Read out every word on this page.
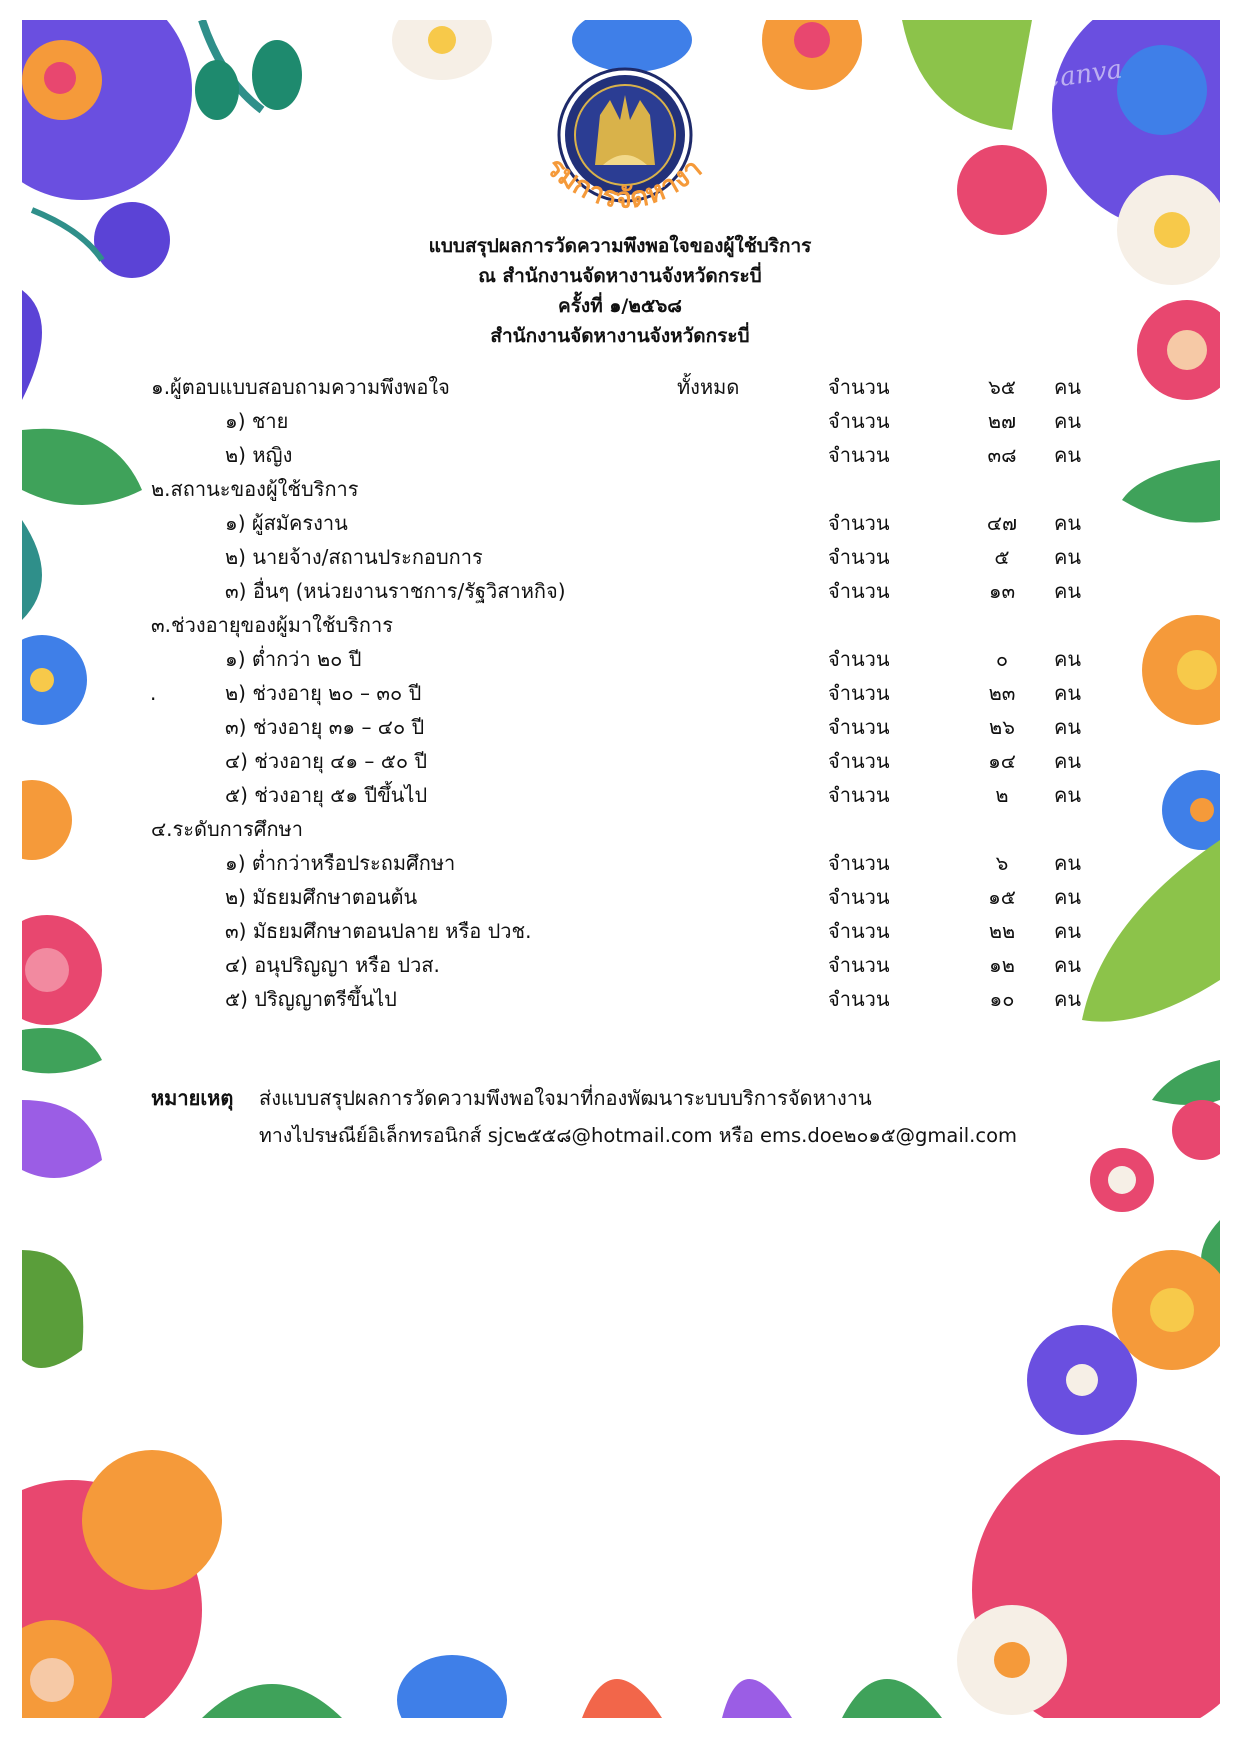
รมการจัดหางา
แบบสรุปผลการวัดความพึงพอใจของผู้ใช้บริการ
ณ สำนักงานจัดหางานจังหวัดกระบี่
ครั้งที่ ๑/๒๕๖๘
สำนักงานจัดหางานจังหวัดกระบี่
๑.ผู้ตอบแบบสอบถามความพึงพอใจ	ทั้งหมด	จำนวน	๖๕	คน
๑) ชาย	จำนวน	๒๗	คน
๒) หญิง	จำนวน	๓๘	คน
๒.สถานะของผู้ใช้บริการ
๑) ผู้สมัครงาน	จำนวน	๔๗	คน
๒) นายจ้าง/สถานประกอบการ	จำนวน	๕	คน
๓) อื่นๆ (หน่วยงานราชการ/รัฐวิสาหกิจ)	จำนวน	๑๓	คน
๓.ช่วงอายุของผู้มาใช้บริการ
๑) ต่ำกว่า ๒๐ ปี	จำนวน	๐	คน
.	๒) ช่วงอายุ ๒๐ – ๓๐ ปี	จำนวน	๒๓	คน
๓) ช่วงอายุ ๓๑ – ๔๐ ปี	จำนวน	๒๖	คน
๔) ช่วงอายุ ๔๑ – ๕๐ ปี	จำนวน	๑๔	คน
๕) ช่วงอายุ ๕๑ ปีขึ้นไป	จำนวน	๒	คน
๔.ระดับการศึกษา
๑) ต่ำกว่าหรือประถมศึกษา	จำนวน	๖	คน
๒) มัธยมศึกษาตอนต้น	จำนวน	๑๕	คน
๓) มัธยมศึกษาตอนปลาย หรือ ปวช.	จำนวน	๒๒	คน
๔) อนุปริญญา หรือ ปวส.	จำนวน	๑๒	คน
๕) ปริญญาตรีขึ้นไป	จำนวน	๑๐	คน
หมายเหตุ ส่งแบบสรุปผลการวัดความพึงพอใจมาที่กองพัฒนาระบบบริการจัดหางาน
ทางไปรษณีย์อิเล็กทรอนิกส์ sjc๒๕๕๘@hotmail.com หรือ ems.doe๒๐๑๕@gmail.com
Canva
